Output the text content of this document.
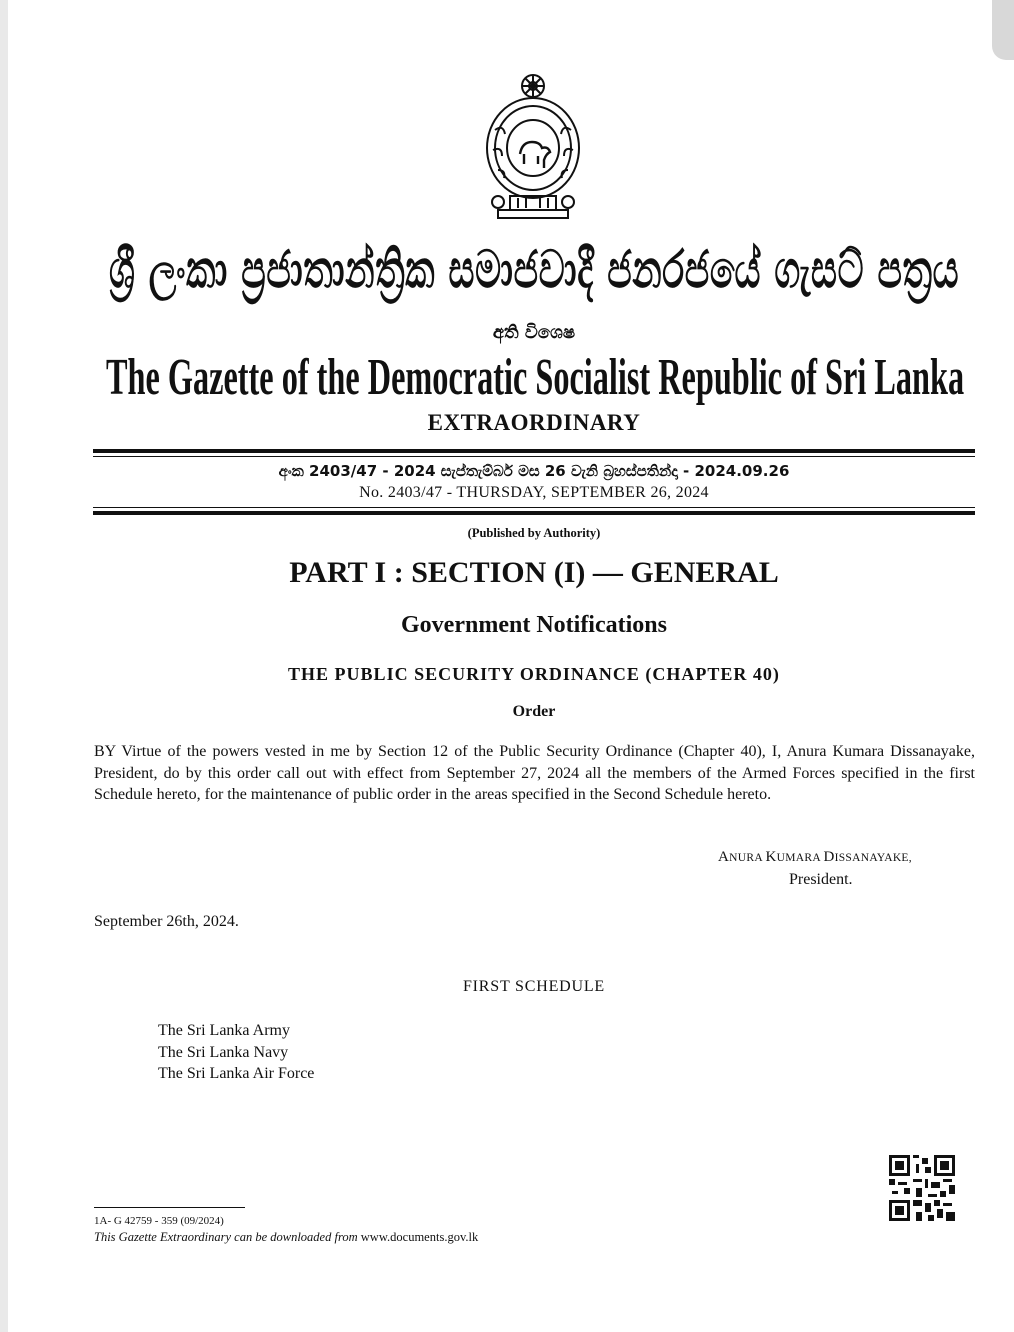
ශ්‍රී ලංකා ප්‍රජාතාන්ත්‍රික සමාජවාදී ජනරජයේ ගැසට් පත්‍රය
අති විශෙෂ
The Gazette of the Democratic Socialist Republic of Sri Lanka
EXTRAORDINARY
අංක 2403/47 - 2024 සැප්තැම්බර් මස 26 වැනි බ්‍රහස්පතින්දා - 2024.09.26
No. 2403/47 - THURSDAY, SEPTEMBER 26, 2024
(Published by Authority)
PART I : SECTION (I) — GENERAL
Government Notifications
THE PUBLIC SECURITY ORDINANCE (CHAPTER 40)
Order
BY Virtue of the powers vested in me by Section 12 of the Public Security Ordinance (Chapter 40), I, Anura Kumara Dissanayake, President, do by this order call out with effect from September 27, 2024 all the members of the Armed Forces specified in the first Schedule hereto, for the maintenance of public order in the areas specified in the Second Schedule hereto.
ANURA KUMARA DISSANAYAKE,
President.
September 26th, 2024.
FIRST SCHEDULE
The Sri Lanka Army
The Sri Lanka Navy
The Sri Lanka Air Force
1A- G 42759 - 359 (09/2024)
This Gazette Extraordinary can be downloaded from www.documents.gov.lk
